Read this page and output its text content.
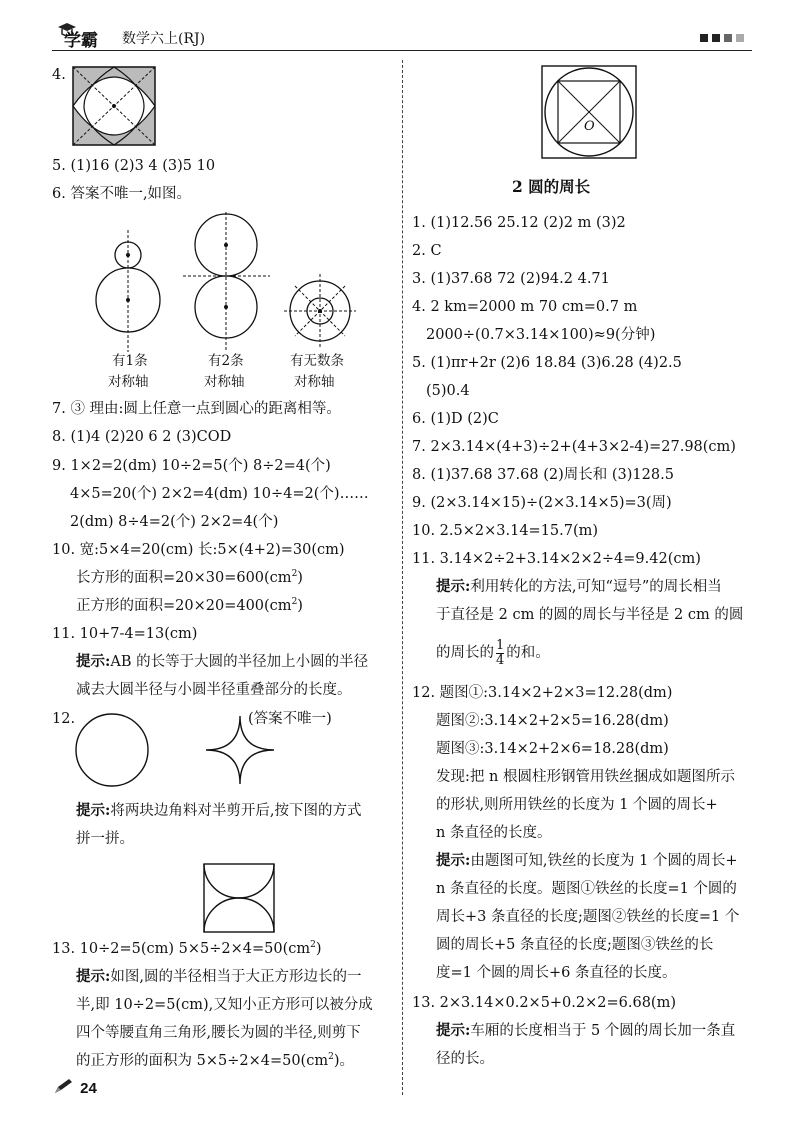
学霸 数学六上(RJ)
4.
5. (1)16 (2)3 4 (3)5 10
6. 答案不唯一,如图。
有1条
对称轴
有2条
对称轴
有无数条
对称轴
7. ③ 理由:圆上任意一点到圆心的距离相等。
8. (1)4 (2)20 6 2 (3)COD
9. 1×2=2(dm) 10÷2=5(个) 8÷2=4(个)
4×5=20(个) 2×2=4(dm) 10÷4=2(个)……
2(dm) 8÷4=2(个) 2×2=4(个)
10. 宽:5×4=20(cm) 长:5×(4+2)=30(cm)
长方形的面积$=20\times 30=600(cm^2)$
正方形的面积$=20\times 20=400(cm^2)$
11. 10+7-4=13(cm)
提示:AB 的长等于大圆的半径加上小圆的半径
减去大圆半径与小圆半径重叠部分的长度。
12.	(答案不唯一)
提示:将两块边角料对半剪开后,按下图的方式
拼一拼。
13. 10÷2=5(cm) $5\times 5\div 2\times 4=50(cm^2)$
提示:如图,圆的半径相当于大正方形边长的一
半,即 10÷2=5(cm),又知小正方形可以被分成
四个等腰直角三角形,腰长为圆的半径,则剪下
的正方形的面积为 $5\times 5\div 2\times 4=50(cm^2)$。
24
O
2 圆的周长
1. (1)12.56 25.12 (2)2 m (3)2
2. C
3. (1)37.68 72 (2)94.2 4.71
4. 2 km=2000 m 70 cm=0.7 m
2000÷(0.7×3.14×100)≈9(分钟)
5. (1)πr+2r (2)6 18.84 (3)6.28 (4)2.5
(5)0.4
6. (1)D (2)C
7. 2×3.14×(4+3)÷2+(4+3×2-4)=27.98(cm)
8. (1)37.68 37.68 (2)周长和 (3)128.5
9. (2×3.14×15)÷(2×3.14×5)=3(周)
10. 2.5×2×3.14=15.7(m)
11. 3.14×2÷2+3.14×2×2÷4=9.42(cm)
提示:利用转化的方法,可知“逗号”的周长相当
于直径是 2 cm 的圆的周长与半径是 2 cm 的圆
的周长的 $\frac{1}{4}$ 的和。
12. 题图①:3.14×2+2×3=12.28(dm)
题图②:3.14×2+2×5=16.28(dm)
题图③:3.14×2+2×6=18.28(dm)
发现:把 n 根圆柱形钢管用铁丝捆成如题图所示
的形状,则所用铁丝的长度为 1 个圆的周长+
n 条直径的长度。
提示:由题图可知,铁丝的长度为 1 个圆的周长+
n 条直径的长度。题图①铁丝的长度=1 个圆的
周长+3 条直径的长度;题图②铁丝的长度=1 个
圆的周长+5 条直径的长度;题图③铁丝的长
度=1 个圆的周长+6 条直径的长度。
13. 2×3.14×0.2×5+0.2×2=6.68(m)
提示:车厢的长度相当于 5 个圆的周长加一条直
径的长。
